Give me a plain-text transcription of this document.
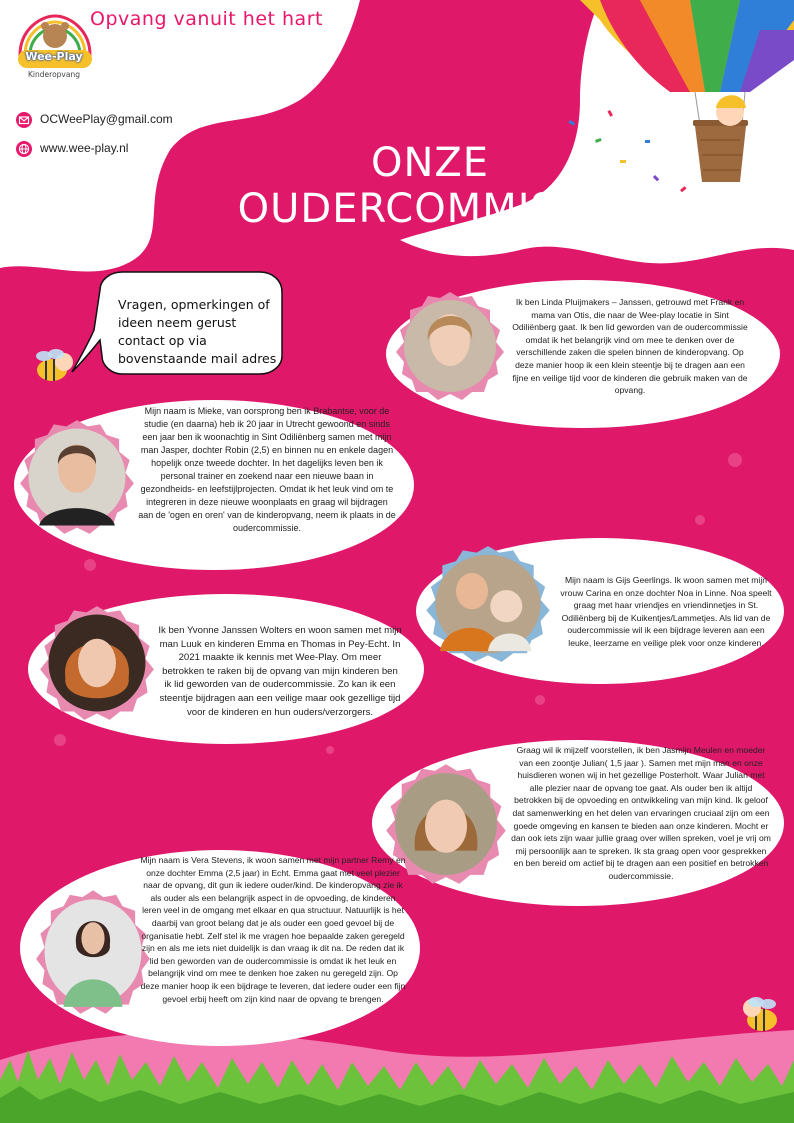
Opvang vanuit het hart
Wee-Play
Kinderopvang
OCWeePlay@gmail.com
www.wee-play.nl	ONZE
OUDERCOMMISSIE
Vragen, opmerkingen of ideen neem gerust contact op via bovenstaande mail adres
Ik ben Linda Pluijmakers – Janssen, getrouwd met Frank en mama van Otis, die naar de Wee-play locatie in Sint Odiliënberg gaat. Ik ben lid geworden van de oudercommissie omdat ik het belangrijk vind om mee te denken over de verschillende zaken die spelen binnen de kinderopvang. Op deze manier hoop ik een klein steentje bij te dragen aan een fijne en veilige tijd voor de kinderen die gebruik maken van de opvang.
Mijn naam is Mieke, van oorsprong ben ik Brabantse, voor de studie (en daarna) heb ik 20 jaar in Utrecht gewoond en sinds een jaar ben ik woonachtig in Sint Odiliënberg samen met mijn man Jasper, dochter Robin (2,5) en binnen nu en enkele dagen hopelijk onze tweede dochter. In het dagelijks leven ben ik personal trainer en zoekend naar een nieuwe baan in gezondheids- en leefstijlprojecten. Omdat ik het leuk vind om te integreren in deze nieuwe woonplaats en graag wil bijdragen aan de 'ogen en oren' van de kinderopvang, neem ik plaats in de oudercommissie.
Mijn naam is Gijs Geerlings. Ik woon samen met mijn vrouw Carina en onze dochter Noa in Linne. Noa speelt graag met haar vriendjes en vriendinnetjes in St. Odiliënberg bij de Kuikentjes/Lammetjes. Als lid van de oudercommissie wil ik een bijdrage leveren aan een leuke, leerzame en veilige plek voor onze kinderen.
Ik ben Yvonne Janssen Wolters en woon samen met mijn man Luuk en kinderen Emma en Thomas in Pey-Echt. In 2021 maakte ik kennis met Wee-Play. Om meer betrokken te raken bij de opvang van mijn kinderen ben ik lid geworden van de oudercommissie. Zo kan ik een steentje bijdragen aan een veilige maar ook gezellige tijd voor de kinderen en hun ouders/verzorgers.
Graag wil ik mijzelf voorstellen, ik ben Jasmijn Meulen en moeder van een zoontje Julian( 1,5 jaar ). Samen met mijn man en onze huisdieren wonen wij in het gezellige Posterholt. Waar Julian met alle plezier naar de opvang toe gaat. Als ouder ben ik altijd betrokken bij de opvoeding en ontwikkeling van mijn kind. Ik geloof dat samenwerking en het delen van ervaringen cruciaal zijn om een goede omgeving en kansen te bieden aan onze kinderen. Mocht er dan ook iets zijn waar jullie graag over willen spreken, voel je vrij om mij persoonlijk aan te spreken. Ik sta graag open voor gesprekken en ben bereid om actief bij te dragen aan een positief en betrokken oudercommissie.
Mijn naam is Vera Stevens, ik woon samen met mijn partner Remy en onze dochter Emma (2,5 jaar) in Echt. Emma gaat met veel plezier naar de opvang, dit gun ik iedere ouder/kind. De kinderopvang zie ik als ouder als een belangrijk aspect in de opvoeding, de kinderen leren veel in de omgang met elkaar en qua structuur. Natuurlijk is het daarbij van groot belang dat je als ouder een goed gevoel bij de organisatie hebt. Zelf stel ik me vragen hoe bepaalde zaken geregeld zijn en als me iets niet duidelijk is dan vraag ik dit na. De reden dat ik lid ben geworden van de oudercommissie is omdat ik het leuk en belangrijk vind om mee te denken hoe zaken nu geregeld zijn. Op deze manier hoop ik een bijdrage te leveren, dat iedere ouder een fijn gevoel erbij heeft om zijn kind naar de opvang te brengen.
